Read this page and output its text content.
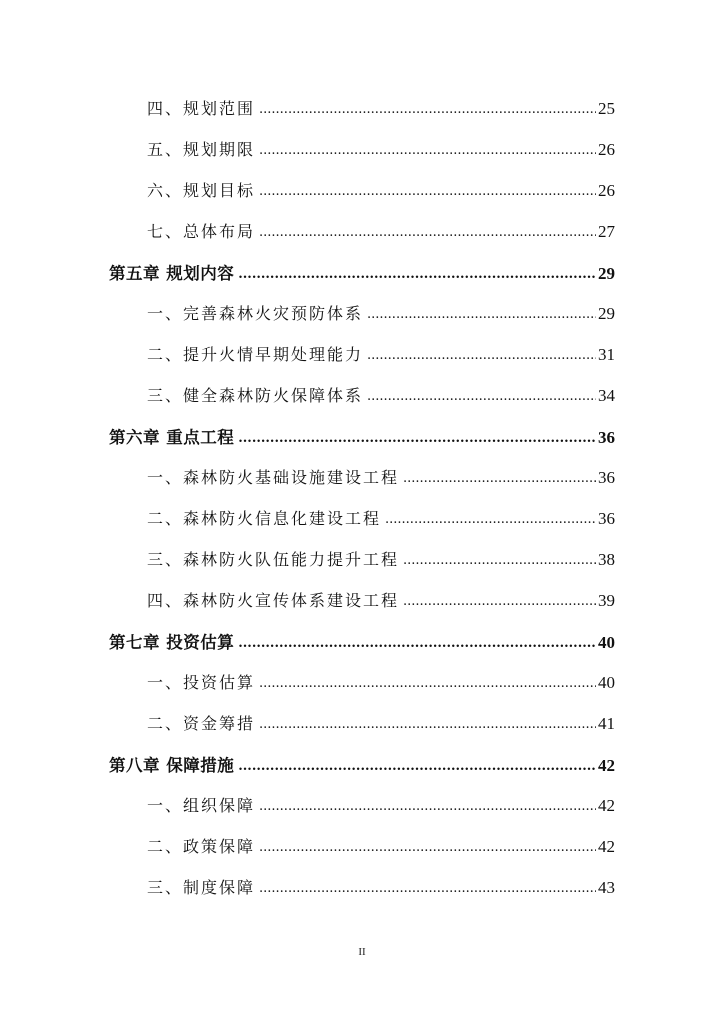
四、规划范围 .....	25
五、规划期限 .....	26
六、规划目标 .....	26
七、总体布局 .....	27
第五章 规划内容 .....	29
一、完善森林火灾预防体系 .....	29
二、提升火情早期处理能力 .....	31
三、健全森林防火保障体系 .....	34
第六章 重点工程 .....	36
一、森林防火基础设施建设工程 .....	36
二、森林防火信息化建设工程 .....	36
三、森林防火队伍能力提升工程 .....	38
四、森林防火宣传体系建设工程 .....	39
第七章 投资估算 .....	40
一、投资估算 .....	40
二、资金筹措 .....	41
第八章 保障措施 .....	42
一、组织保障 .....	42
二、政策保障 .....	42
三、制度保障 .....	43
II
